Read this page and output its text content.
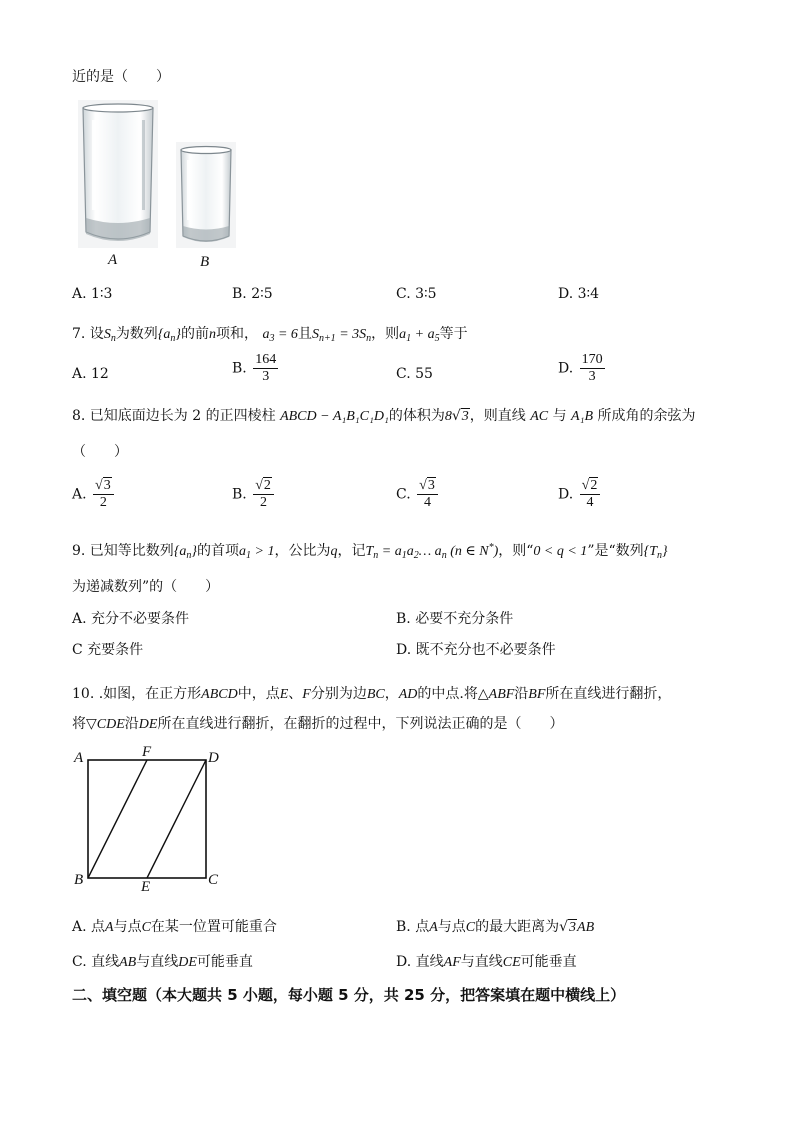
近的是（　　）
A	B
A. 1∶3	B. 2∶5	C. 3∶5	D. 3∶4
7. 设$S_n$为数列$\{a_n\}$的前n项和， $a_3 = 6$且$S_{n+1} = 3S_n$，则$a_1 + a_5$等于
A. 12	B. $\frac{164}{3}$	C. 55	D. $\frac{170}{3}$
8. 已知底面边长为 2 的正四棱柱 ABCD − A₁B₁C₁D₁的体积为8√3，则直线 AC 与 A₁B 所成角的余弦为
（　　）
A. $\frac{√3}{2}$	B. $\frac{√2}{2}$	C. $\frac{√3}{4}$	D. $\frac{√2}{4}$
9. 已知等比数列$\{a_n\}$的首项$a_1 > 1$，公比为q，记$T_n$ = $a_1a_2\dots$ $a_n$ (n ∈ N*)，则“0 < q < 1”是“数列$\{T_n\}$
为递减数列”的（　　）
A. 充分不必要条件	B. 必要不充分条件
C 充要条件	D. 既不充分也不必要条件
10. .如图，在正方形ABCD中，点E、F分别为边BC，AD的中点.将△ABF沿BF所在直线进行翻折，
将▽CDE沿DE所在直线进行翻折，在翻折的过程中，下列说法正确的是（　　）
A	F	D
B	E	C
A. 点A与点C在某一位置可能重合	B. 点A与点C的最大距离为√3AB
C. 直线AB与直线DE可能垂直	D. 直线AF与直线CE可能垂直
二、填空题（本大题共 5 小题，每小题 5 分，共 25 分，把答案填在题中横线上）
